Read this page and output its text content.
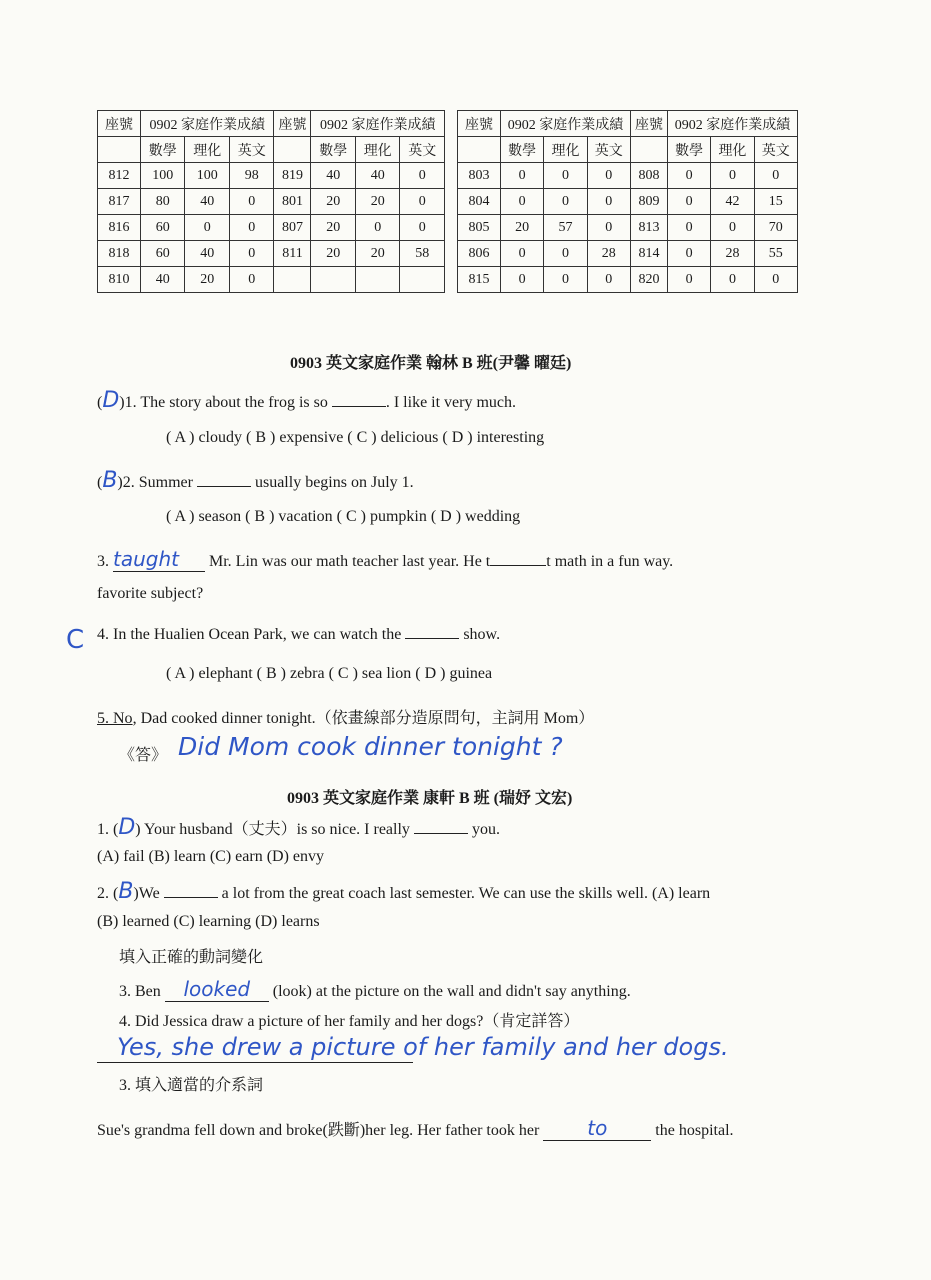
座號	0902 家庭作業成績			座號	0902 家庭作業成績		
	數學	理化	英文		數學	理化	英文
812	100	100	98	819	40	40	0
817	80	40	0	801	20	20	0
816	60	0	0	807	20	0	0
818	60	40	0	811	20	20	58
810	40	20	0				
座號	0902 家庭作業成績			座號	0902 家庭作業成績		
	數學	理化	英文		數學	理化	英文
803	0	0	0	808	0	0	0
804	0	0	0	809	0	42	15
805	20	57	0	813	0	0	70
806	0	0	28	814	0	28	55
815	0	0	0	820	0	0	0
0903 英文家庭作業 翰林 B 班(尹馨 曜廷)
(D)1. The story about the frog is so	. I like it very much.
( A ) cloudy ( B ) expensive ( C ) delicious ( D ) interesting
(B)2. Summer	usually begins on July 1.
( A ) season ( B ) vacation ( C ) pumpkin ( D ) wedding
3. taught Mr. Lin was our math teacher last year. He t	t math in a fun way.
favorite subject?
C 4. In the Hualien Ocean Park, we can watch the	show.
( A ) elephant ( B ) zebra ( C ) sea lion ( D ) guinea
5. No, Dad cooked dinner tonight.（依畫線部分造原問句，主詞用 Mom）
《答》 Did Mom cook dinner tonight ?
0903 英文家庭作業 康軒 B 班 (瑞妤 文宏)
1. (D) Your husband（丈夫）is so nice. I really	you.
(A) fail (B) learn (C) earn (D) envy
2. (B)We	a lot from the great coach last semester. We can use the skills well. (A) learn
(B) learned (C) learning (D) learns
填入正確的動詞變化
3. Ben looked (look) at the picture on the wall and didn't say anything.
4. Did Jessica draw a picture of her family and her dogs?（肯定詳答）
Yes, she drew a picture of her family and her dogs.
3. 填入適當的介系詞
Sue's grandma fell down and broke(跌斷)her leg. Her father took her to	the hospital.
